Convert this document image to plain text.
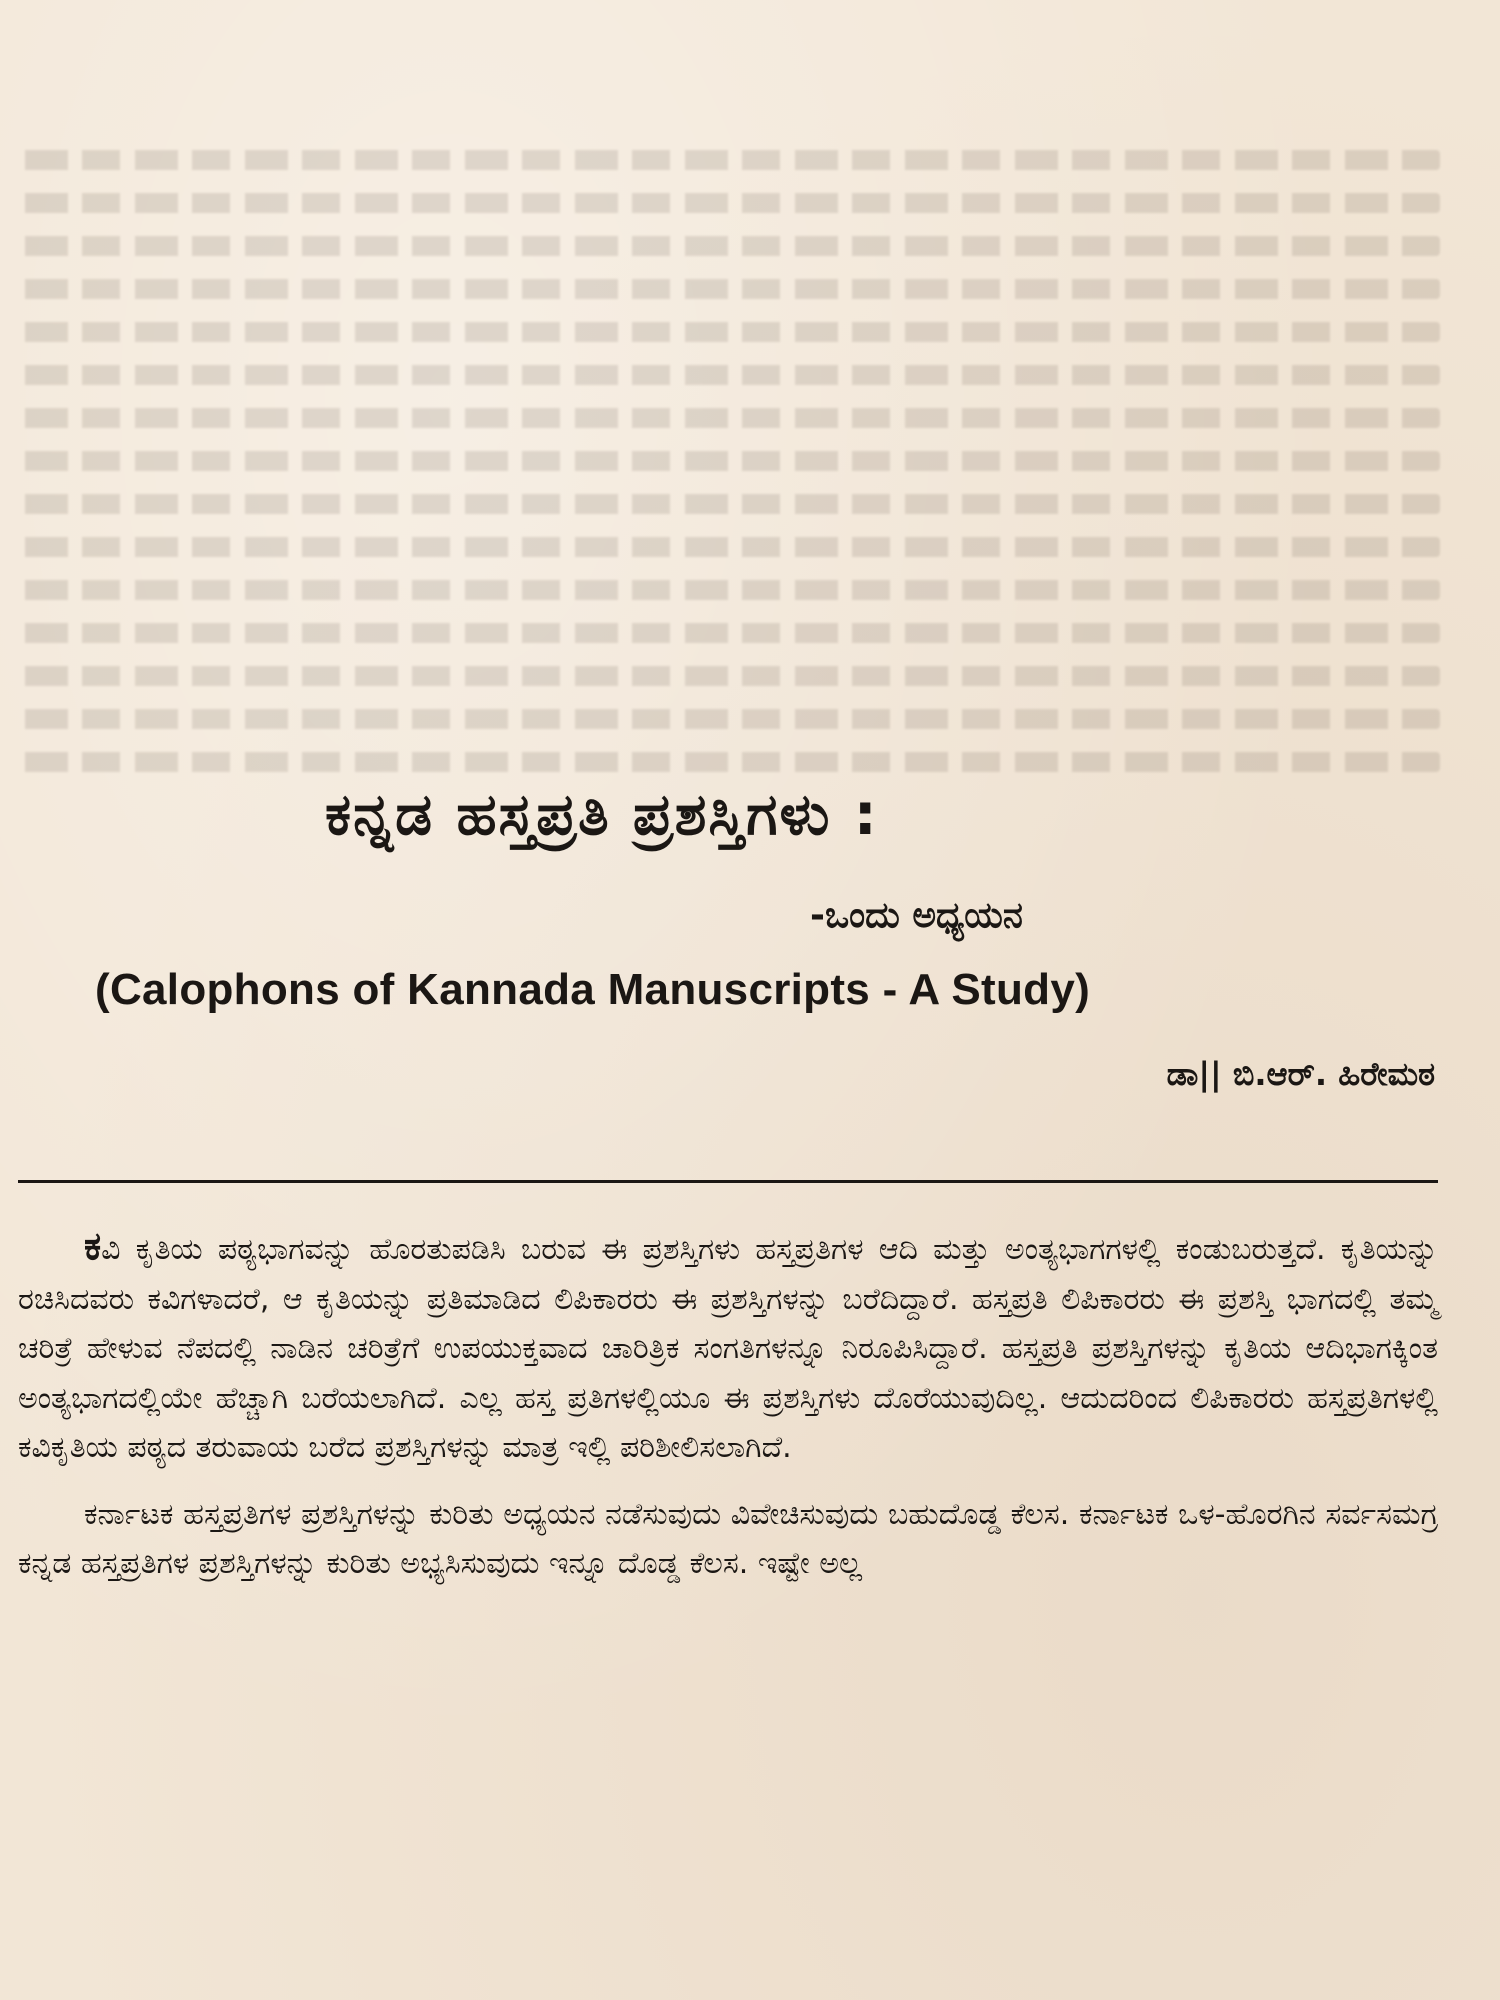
ಕನ್ನಡ ಹಸ್ತಪ್ರತಿ ಪ್ರಶಸ್ತಿಗಳು :
-ಒಂದು ಅಧ್ಯಯನ
(Calophons of Kannada Manuscripts - A Study)
ಡಾ|| ಬಿ.ಆರ್. ಹಿರೇಮಠ

ಕವಿ ಕೃತಿಯ ಪಠ್ಯಭಾಗವನ್ನು ಹೊರತುಪಡಿಸಿ ಬರುವ ಈ ಪ್ರಶಸ್ತಿಗಳು ಹಸ್ತಪ್ರತಿಗಳ ಆದಿ ಮತ್ತು ಅಂತ್ಯಭಾಗಗಳಲ್ಲಿ ಕಂಡುಬರುತ್ತದೆ. ಕೃತಿಯನ್ನು ರಚಿಸಿದವರು ಕವಿಗಳಾದರೆ, ಆ ಕೃತಿಯನ್ನು ಪ್ರತಿಮಾಡಿದ ಲಿಪಿಕಾರರು ಈ ಪ್ರಶಸ್ತಿಗಳನ್ನು ಬರೆದಿದ್ದಾರೆ. ಹಸ್ತಪ್ರತಿ ಲಿಪಿಕಾರರು ಈ ಪ್ರಶಸ್ತಿ ಭಾಗದಲ್ಲಿ ತಮ್ಮ ಚರಿತ್ರೆ ಹೇಳುವ ನೆಪದಲ್ಲಿ ನಾಡಿನ ಚರಿತ್ರೆಗೆ ಉಪಯುಕ್ತವಾದ ಚಾರಿತ್ರಿಕ ಸಂಗತಿಗಳನ್ನೂ ನಿರೂಪಿಸಿದ್ದಾರೆ. ಹಸ್ತಪ್ರತಿ ಪ್ರಶಸ್ತಿಗಳನ್ನು ಕೃತಿಯ ಆದಿಭಾಗಕ್ಕಿಂತ ಅಂತ್ಯಭಾಗದಲ್ಲಿಯೇ ಹೆಚ್ಚಾಗಿ ಬರೆಯಲಾಗಿದೆ. ಎಲ್ಲ ಹಸ್ತ ಪ್ರತಿಗಳಲ್ಲಿಯೂ ಈ ಪ್ರಶಸ್ತಿಗಳು ದೊರೆಯುವುದಿಲ್ಲ. ಆದುದರಿಂದ ಲಿಪಿಕಾರರು ಹಸ್ತಪ್ರತಿಗಳಲ್ಲಿ ಕವಿಕೃತಿಯ ಪಠ್ಯದ ತರುವಾಯ ಬರೆದ ಪ್ರಶಸ್ತಿಗಳನ್ನು ಮಾತ್ರ ಇಲ್ಲಿ ಪರಿಶೀಲಿಸಲಾಗಿದೆ.

ಕರ್ನಾಟಕ ಹಸ್ತಪ್ರತಿಗಳ ಪ್ರಶಸ್ತಿಗಳನ್ನು ಕುರಿತು ಅಧ್ಯಯನ ನಡೆಸುವುದು ವಿವೇಚಿಸುವುದು ಬಹುದೊಡ್ಡ ಕೆಲಸ. ಕರ್ನಾಟಕ ಒಳ-ಹೊರಗಿನ ಸರ್ವಸಮಗ್ರ ಕನ್ನಡ ಹಸ್ತಪ್ರತಿಗಳ ಪ್ರಶಸ್ತಿಗಳನ್ನು ಕುರಿತು ಅಭ್ಯಸಿಸುವುದು ಇನ್ನೂ ದೊಡ್ಡ ಕೆಲಸ. ಇಷ್ಟೇ ಅಲ್ಲ
